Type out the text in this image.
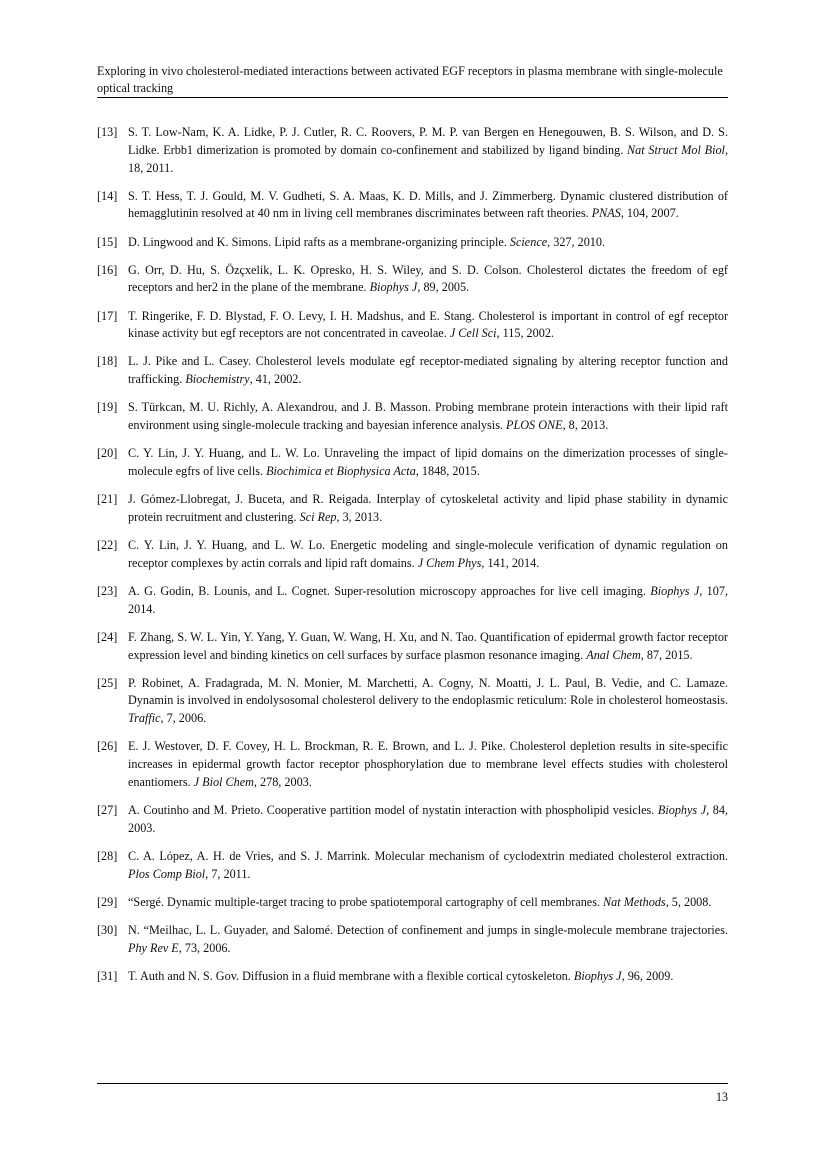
Exploring in vivo cholesterol-mediated interactions between activated EGF receptors in plasma membrane with single-molecule optical tracking
[13] S. T. Low-Nam, K. A. Lidke, P. J. Cutler, R. C. Roovers, P. M. P. van Bergen en Henegouwen, B. S. Wilson, and D. S. Lidke. Erbb1 dimerization is promoted by domain co-confinement and stabilized by ligand binding. Nat Struct Mol Biol, 18, 2011.
[14] S. T. Hess, T. J. Gould, M. V. Gudheti, S. A. Maas, K. D. Mills, and J. Zimmerberg. Dynamic clustered distribution of hemagglutinin resolved at 40 nm in living cell membranes discriminates between raft theories. PNAS, 104, 2007.
[15] D. Lingwood and K. Simons. Lipid rafts as a membrane-organizing principle. Science, 327, 2010.
[16] G. Orr, D. Hu, S. Özçxelik, L. K. Opresko, H. S. Wiley, and S. D. Colson. Cholesterol dictates the freedom of egf receptors and her2 in the plane of the membrane. Biophys J, 89, 2005.
[17] T. Ringerike, F. D. Blystad, F. O. Levy, I. H. Madshus, and E. Stang. Cholesterol is important in control of egf receptor kinase activity but egf receptors are not concentrated in caveolae. J Cell Sci, 115, 2002.
[18] L. J. Pike and L. Casey. Cholesterol levels modulate egf receptor-mediated signaling by altering receptor function and trafficking. Biochemistry, 41, 2002.
[19] S. Türkcan, M. U. Richly, A. Alexandrou, and J. B. Masson. Probing membrane protein interactions with their lipid raft environment using single-molecule tracking and bayesian inference analysis. PLOS ONE, 8, 2013.
[20] C. Y. Lin, J. Y. Huang, and L. W. Lo. Unraveling the impact of lipid domains on the dimerization processes of single-molecule egfrs of live cells. Biochimica et Biophysica Acta, 1848, 2015.
[21] J. Gómez-Llobregat, J. Buceta, and R. Reigada. Interplay of cytoskeletal activity and lipid phase stability in dynamic protein recruitment and clustering. Sci Rep, 3, 2013.
[22] C. Y. Lin, J. Y. Huang, and L. W. Lo. Energetic modeling and single-molecule verification of dynamic regulation on receptor complexes by actin corrals and lipid raft domains. J Chem Phys, 141, 2014.
[23] A. G. Godin, B. Lounis, and L. Cognet. Super-resolution microscopy approaches for live cell imaging. Biophys J, 107, 2014.
[24] F. Zhang, S. W. L. Yin, Y. Yang, Y. Guan, W. Wang, H. Xu, and N. Tao. Quantification of epidermal growth factor receptor expression level and binding kinetics on cell surfaces by surface plasmon resonance imaging. Anal Chem, 87, 2015.
[25] P. Robinet, A. Fradagrada, M. N. Monier, M. Marchetti, A. Cogny, N. Moatti, J. L. Paul, B. Vedie, and C. Lamaze. Dynamin is involved in endolysosomal cholesterol delivery to the endoplasmic reticulum: Role in cholesterol homeostasis. Traffic, 7, 2006.
[26] E. J. Westover, D. F. Covey, H. L. Brockman, R. E. Brown, and L. J. Pike. Cholesterol depletion results in site-specific increases in epidermal growth factor receptor phosphorylation due to membrane level effects studies with cholesterol enantiomers. J Biol Chem, 278, 2003.
[27] A. Coutinho and M. Prieto. Cooperative partition model of nystatin interaction with phospholipid vesicles. Biophys J, 84, 2003.
[28] C. A. López, A. H. de Vries, and S. J. Marrink. Molecular mechanism of cyclodextrin mediated cholesterol extraction. Plos Comp Biol, 7, 2011.
[29] “Sergé. Dynamic multiple-target tracing to probe spatiotemporal cartography of cell membranes. Nat Methods, 5, 2008.
[30] N. “Meilhac, L. L. Guyader, and Salomé. Detection of confinement and jumps in single-molecule membrane trajectories. Phy Rev E, 73, 2006.
[31] T. Auth and N. S. Gov. Diffusion in a fluid membrane with a flexible cortical cytoskeleton. Biophys J, 96, 2009.
13
